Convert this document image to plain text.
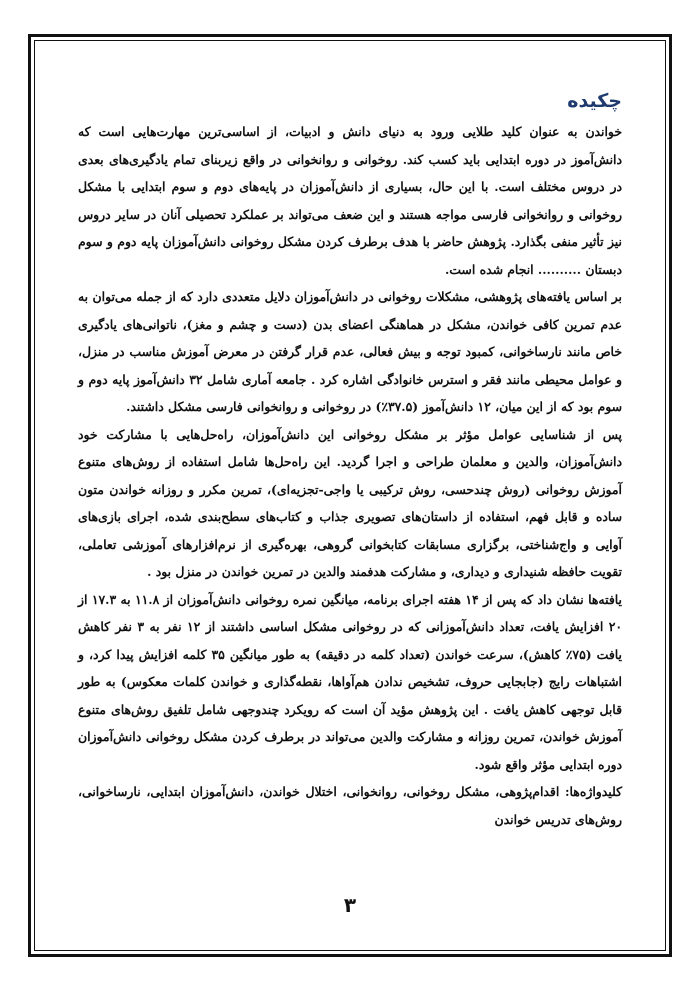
چکیده

خواندن به عنوان کلید طلایی ورود به دنیای دانش و ادبیات، از اساسی‌ترین مهارت‌هایی است که دانش‌آموز در دوره ابتدایی باید کسب کند. روخوانی و روانخوانی در واقع زیربنای تمام یادگیری‌های بعدی در دروس مختلف است. با این حال، بسیاری از دانش‌آموزان در پایه‌های دوم و سوم ابتدایی با مشکل روخوانی و روانخوانی فارسی مواجه هستند و این ضعف می‌تواند بر عملکرد تحصیلی آنان در سایر دروس نیز تأثیر منفی بگذارد. پژوهش حاضر با هدف برطرف کردن مشکل روخوانی دانش‌آموزان پایه دوم و سوم دبستان .......... انجام شده است.

بر اساس یافته‌های پژوهشی، مشکلات روخوانی در دانش‌آموزان دلایل متعددی دارد که از جمله می‌توان به عدم تمرین کافی خواندن، مشکل در هماهنگی اعضای بدن (دست و چشم و مغز)، ناتوانی‌های یادگیری خاص مانند نارساخوانی، کمبود توجه و بیش فعالی، عدم قرار گرفتن در معرض آموزش مناسب در منزل، و عوامل محیطی مانند فقر و استرس خانوادگی اشاره کرد . جامعه آماری شامل ۳۲ دانش‌آموز پایه دوم و سوم بود که از این میان، ۱۲ دانش‌آموز (۳۷.۵٪) در روخوانی و روانخوانی فارسی مشکل داشتند.

پس از شناسایی عوامل مؤثر بر مشکل روخوانی این دانش‌آموزان، راه‌حل‌هایی با مشارکت خود دانش‌آموزان، والدین و معلمان طراحی و اجرا گردید. این راه‌حل‌ها شامل استفاده از روش‌های متنوع آموزش روخوانی (روش چندحسی، روش ترکیبی یا واجی-تجزیه‌ای)، تمرین مکرر و روزانه خواندن متون ساده و قابل فهم، استفاده از داستان‌های تصویری جذاب و کتاب‌های سطح‌بندی شده، اجرای بازی‌های آوایی و واج‌شناختی، برگزاری مسابقات کتابخوانی گروهی، بهره‌گیری از نرم‌افزارهای آموزشی تعاملی، تقویت حافظه شنیداری و دیداری، و مشارکت هدفمند والدین در تمرین خواندن در منزل بود .

یافته‌ها نشان داد که پس از ۱۴ هفته اجرای برنامه، میانگین نمره روخوانی دانش‌آموزان از ۱۱.۸ به ۱۷.۳ از ۲۰ افزایش یافت، تعداد دانش‌آموزانی که در روخوانی مشکل اساسی داشتند از ۱۲ نفر به ۳ نفر کاهش یافت (۷۵٪ کاهش)، سرعت خواندن (تعداد کلمه در دقیقه) به طور میانگین ۳۵ کلمه افزایش پیدا کرد، و اشتباهات رایج (جابجایی حروف، تشخیص ندادن هم‌آواها، نقطه‌گذاری و خواندن کلمات معکوس) به طور قابل توجهی کاهش یافت . این پژوهش مؤید آن است که رویکرد چندوجهی شامل تلفیق روش‌های متنوع آموزش خواندن، تمرین روزانه و مشارکت والدین می‌تواند در برطرف کردن مشکل روخوانی دانش‌آموزان دوره ابتدایی مؤثر واقع شود.

کلیدواژه‌ها: اقدام‌پژوهی، مشکل روخوانی، روانخوانی، اختلال خواندن، دانش‌آموزان ابتدایی، نارساخوانی، روش‌های تدریس خواندن

۳
